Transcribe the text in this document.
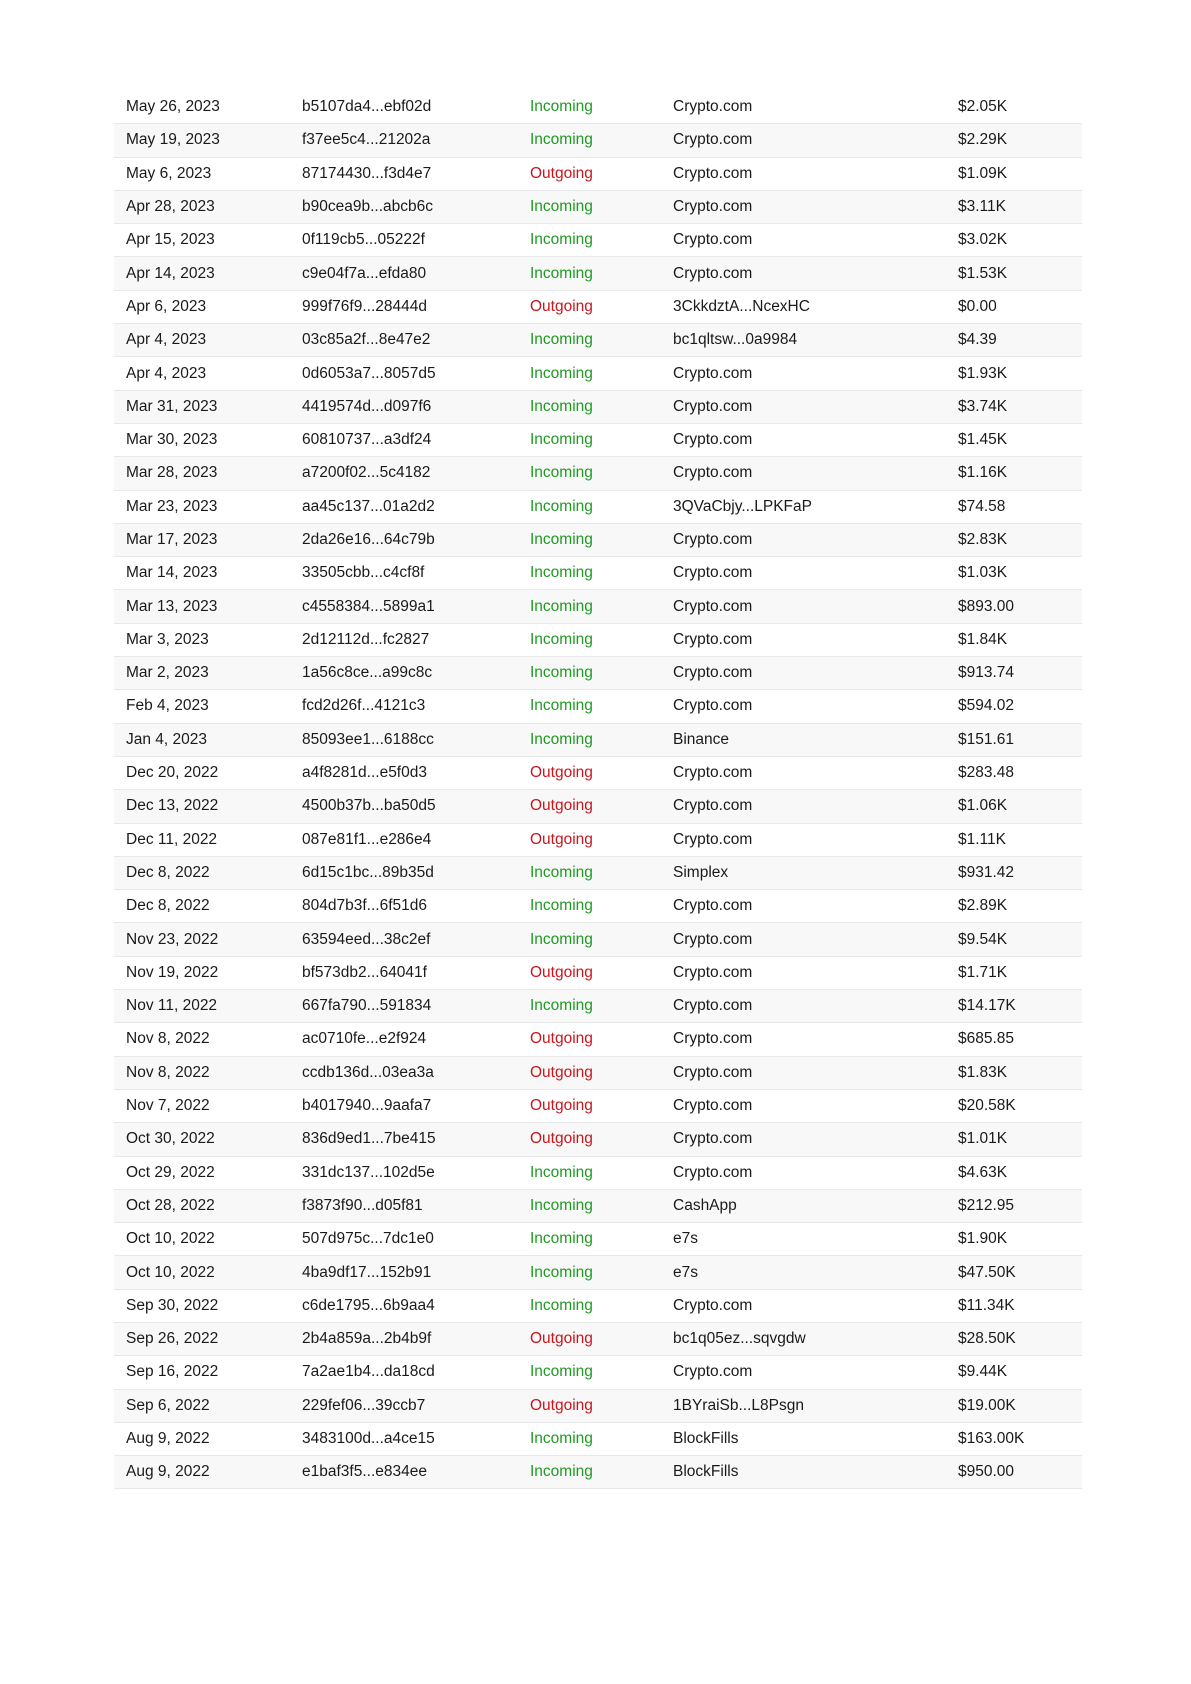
May 26, 2023	b5107da4...ebf02d	Incoming	Crypto.com	$2.05K
May 19, 2023	f37ee5c4...21202a	Incoming	Crypto.com	$2.29K
May 6, 2023	87174430...f3d4e7	Outgoing	Crypto.com	$1.09K
Apr 28, 2023	b90cea9b...abcb6c	Incoming	Crypto.com	$3.11K
Apr 15, 2023	0f119cb5...05222f	Incoming	Crypto.com	$3.02K
Apr 14, 2023	c9e04f7a...efda80	Incoming	Crypto.com	$1.53K
Apr 6, 2023	999f76f9...28444d	Outgoing	3CkkdztA...NcexHC	$0.00
Apr 4, 2023	03c85a2f...8e47e2	Incoming	bc1qltsw...0a9984	$4.39
Apr 4, 2023	0d6053a7...8057d5	Incoming	Crypto.com	$1.93K
Mar 31, 2023	4419574d...d097f6	Incoming	Crypto.com	$3.74K
Mar 30, 2023	60810737...a3df24	Incoming	Crypto.com	$1.45K
Mar 28, 2023	a7200f02...5c4182	Incoming	Crypto.com	$1.16K
Mar 23, 2023	aa45c137...01a2d2	Incoming	3QVaCbjy...LPKFaP	$74.58
Mar 17, 2023	2da26e16...64c79b	Incoming	Crypto.com	$2.83K
Mar 14, 2023	33505cbb...c4cf8f	Incoming	Crypto.com	$1.03K
Mar 13, 2023	c4558384...5899a1	Incoming	Crypto.com	$893.00
Mar 3, 2023	2d12112d...fc2827	Incoming	Crypto.com	$1.84K
Mar 2, 2023	1a56c8ce...a99c8c	Incoming	Crypto.com	$913.74
Feb 4, 2023	fcd2d26f...4121c3	Incoming	Crypto.com	$594.02
Jan 4, 2023	85093ee1...6188cc	Incoming	Binance	$151.61
Dec 20, 2022	a4f8281d...e5f0d3	Outgoing	Crypto.com	$283.48
Dec 13, 2022	4500b37b...ba50d5	Outgoing	Crypto.com	$1.06K
Dec 11, 2022	087e81f1...e286e4	Outgoing	Crypto.com	$1.11K
Dec 8, 2022	6d15c1bc...89b35d	Incoming	Simplex	$931.42
Dec 8, 2022	804d7b3f...6f51d6	Incoming	Crypto.com	$2.89K
Nov 23, 2022	63594eed...38c2ef	Incoming	Crypto.com	$9.54K
Nov 19, 2022	bf573db2...64041f	Outgoing	Crypto.com	$1.71K
Nov 11, 2022	667fa790...591834	Incoming	Crypto.com	$14.17K
Nov 8, 2022	ac0710fe...e2f924	Outgoing	Crypto.com	$685.85
Nov 8, 2022	ccdb136d...03ea3a	Outgoing	Crypto.com	$1.83K
Nov 7, 2022	b4017940...9aafa7	Outgoing	Crypto.com	$20.58K
Oct 30, 2022	836d9ed1...7be415	Outgoing	Crypto.com	$1.01K
Oct 29, 2022	331dc137...102d5e	Incoming	Crypto.com	$4.63K
Oct 28, 2022	f3873f90...d05f81	Incoming	CashApp	$212.95
Oct 10, 2022	507d975c...7dc1e0	Incoming	e7s	$1.90K
Oct 10, 2022	4ba9df17...152b91	Incoming	e7s	$47.50K
Sep 30, 2022	c6de1795...6b9aa4	Incoming	Crypto.com	$11.34K
Sep 26, 2022	2b4a859a...2b4b9f	Outgoing	bc1q05ez...sqvgdw	$28.50K
Sep 16, 2022	7a2ae1b4...da18cd	Incoming	Crypto.com	$9.44K
Sep 6, 2022	229fef06...39ccb7	Outgoing	1BYraiSb...L8Psgn	$19.00K
Aug 9, 2022	3483100d...a4ce15	Incoming	BlockFills	$163.00K
Aug 9, 2022	e1baf3f5...e834ee	Incoming	BlockFills	$950.00
